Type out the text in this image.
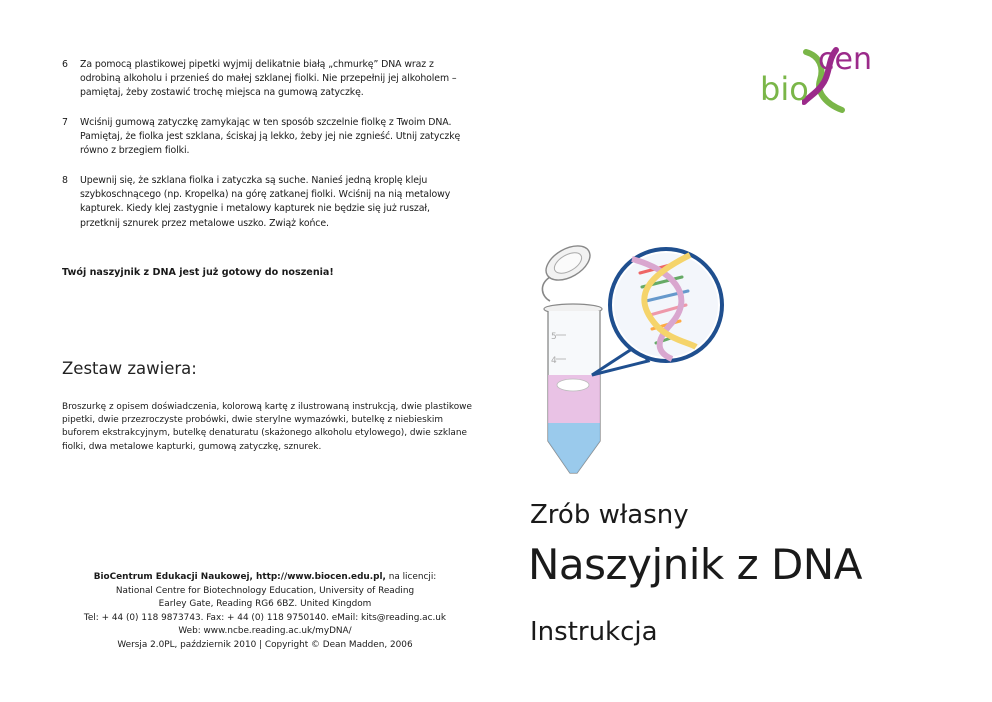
6 Za pomocą plastikowej pipetki wyjmij delikatnie białą „chmurkę” DNA wraz z odrobiną alkoholu i przenieś do małej szklanej fiolki. Nie przepełnij jej alkoholem – pamiętaj, żeby zostawić trochę miejsca na gumową zatyczkę.
7 Wciśnij gumową zatyczkę zamykając w ten sposób szczelnie fiolkę z Twoim DNA. Pamiętaj, że fiolka jest szklana, ściskaj ją lekko, żeby jej nie zgnieść. Utnij zatyczkę równo z brzegiem fiolki.
8 Upewnij się, że szklana fiolka i zatyczka są suche. Nanieś jedną kroplę kleju szybkoschnącego (np. Kropelka) na górę zatkanej fiolki. Wciśnij na nią metalowy kapturek. Kiedy klej zastygnie i metalowy kapturek nie będzie się już ruszał, przetknij sznurek przez metalowe uszko. Zwiąż końce.
Twój naszyjnik z DNA jest już gotowy do noszenia!
Zestaw zawiera:
Broszurkę z opisem doświadczenia, kolorową kartę z ilustrowaną instrukcją, dwie plastikowe pipetki, dwie przezroczyste probówki, dwie sterylne wymazówki, butelkę z niebieskim buforem ekstrakcyjnym, butelkę denaturatu (skażonego alkoholu etylowego), dwie szklane fiolki, dwa metalowe kapturki, gumową zatyczkę, sznurek.
BioCentrum Edukacji Naukowej, http://www.biocen.edu.pl, na licencji:
National Centre for Biotechnology Education, University of Reading
Earley Gate, Reading RG6 6BZ. United Kingdom
Tel: + 44 (0) 118 9873743. Fax: + 44 (0) 118 9750140. eMail: kits@reading.ac.uk
Web: www.ncbe.reading.ac.uk/myDNA/
Wersja 2.0PL, październik 2010 | Copyright © Dean Madden, 2006
Zrób własny
Naszyjnik z DNA
Instrukcja
cen
bio
5
4
